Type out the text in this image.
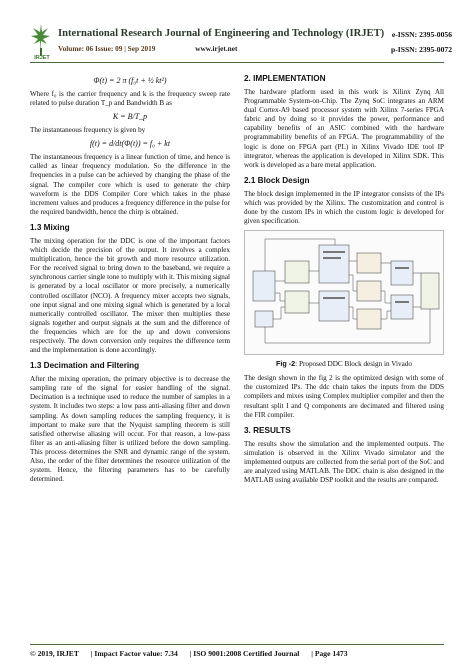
IRJET
International Research Journal of Engineering and Technology (IRJET)
Volume: 06 Issue: 09 | Sep 2019	www.irjet.net
e-ISSN: 2395-0056
p-ISSN: 2395-0072
Φ(t) = 2 π (f₀t + ½ kt²)

Where f₀ is the carrier frequency and k is the frequency sweep rate related to pulse duration T_p and Bandwidth B as

K = B/T_p

The instantaneous frequency is given by

f(t) = d/dt(Φ(t)) = f₀ + kt

The instantaneous frequency is a linear function of time, and hence is called as linear frequency modulation. So the difference in the frequencies in a pulse can be achieved by changing the phase of the signal. The compiler core which is used to generate the chirp waveform is the DDS Compiler Core which takes in the phase increment values and produces a frequency difference in the pulse for the required bandwidth, hence the chirp is obtained.

1.3 Mixing

The mixing operation for the DDC is one of the important factors which decide the precision of the output. It involves a complex multiplication, hence the bit growth and more resource utilization. For the received signal to bring down to the baseband, we require a synchronous carrier single tone to multiply with it. This mixing signal is generated by a local oscillator or more precisely, a numerically controlled oscillator (NCO). A frequency mixer accepts two signals, one input signal and one mixing signal which is generated by a local numerically controlled oscillator. The mixer then multiplies these signals together and output signals at the sum and the difference of the frequencies which are for the up and down conversions respectively. The down conversion only requires the difference term and the implementation is done accordingly.

1.3 Decimation and Filtering

After the mixing operation, the primary objective is to decrease the sampling rate of the signal for easier handling of the signal. Decimation is a technique used to reduce the number of samples in a system. It includes two steps: a low pass anti-aliasing filter and down sampling. As down sampling reduces the sampling frequency, it is important to make sure that the Nyquist sampling theorem is still satisfied otherwise aliasing will occur. For that reason, a low-pass filter as an anti-aliasing filter is utilized before the down sampling. This process determines the SNR and dynamic range of the system. Also, the order of the filter determines the resource utilization of the system. Hence, the filtering parameters has to be carefully determined.

2. IMPLEMENTATION

The hardware platform used in this work is Xilinx Zynq All Programmable System-on-Chip. The Zynq SoC integrates an ARM dual Cortex-A9 based processor system with Xilinx 7-series FPGA fabric and by doing so it provides the power, performance and capability benefits of an ASIC combined with the hardware programmability benefits of an FPGA. The programmability of the logic is done on FPGA part (PL) in Xilinx Vivado IDE tool IP integrator, whereas the application is developed in Xilinx SDK. This work is developed as a bare metal application.

2.1 Block Design

The block design implemented in the IP integrator consists of the IPs which was provided by the Xilinx. The customization and control is done by the custom IPs in which the custom logic is developed for given specification.

Fig -2: Proposed DDC Block design in Vivado

The design shown in the fig 2 is the optimized design with some of the customized IPs. The ddc chain takes the inputs from the DDS compilers and mixes using Complex multiplier compiler and then the resultant split I and Q components are decimated and filtered using the FIR compiler.

3. RESULTS

The results show the simulation and the implemented outputs. The simulation is observed in the Xilinx Vivado simulator and the implemented outputs are collected from the serial port of the SoC and are analyzed using MATLAB. The DDC chain is also designed in the MATLAB using available DSP toolkit and the results are compared.

© 2019, IRJET | Impact Factor value: 7.34 | ISO 9001:2008 Certified Journal | Page 1473
